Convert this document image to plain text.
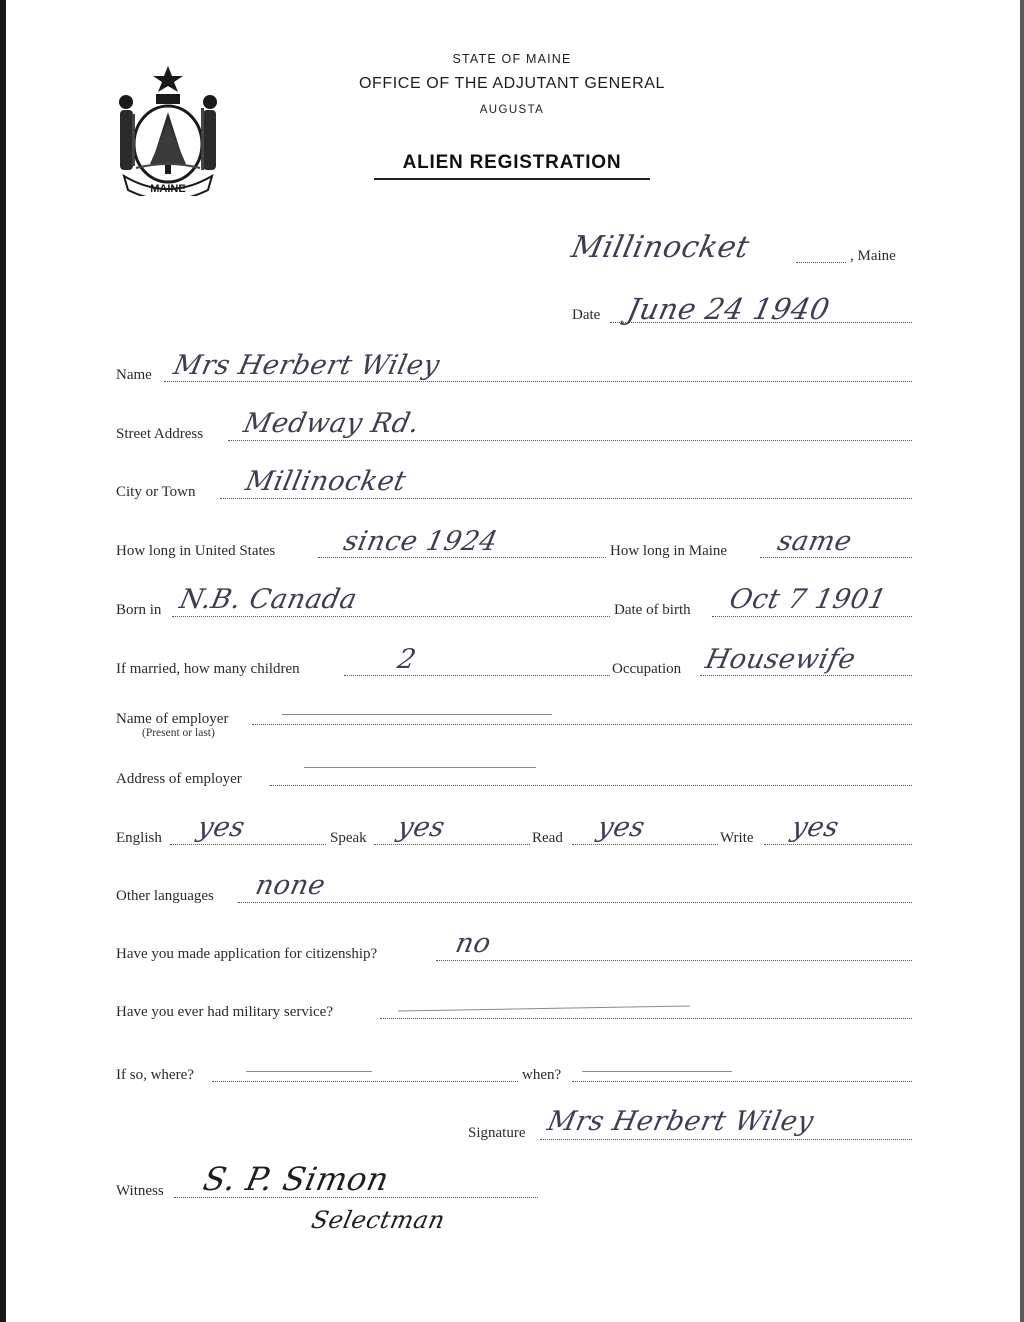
MAINE
STATE OF MAINE
OFFICE OF THE ADJUTANT GENERAL
AUGUSTA
ALIEN REGISTRATION
Millinocket	, Maine
Date June 24 1940
Name Mrs Herbert Wiley
Street Address Medway Rd.
City or Town Millinocket
How long in United States since 1924	How long in Maine same
Born in N.B. Canada	Date of birth Oct 7 1901
If married, how many children	2	Occupation Housewife
Name of employer
(Present or last)
Address of employer
English yes	Speak yes	Read yes	Write yes
Other languages none
Have you made application for citizenship?	no
Have you ever had military service?
If so, where?	when?
Signature Mrs Herbert Wiley
Witness S. P. Simon
Selectman
